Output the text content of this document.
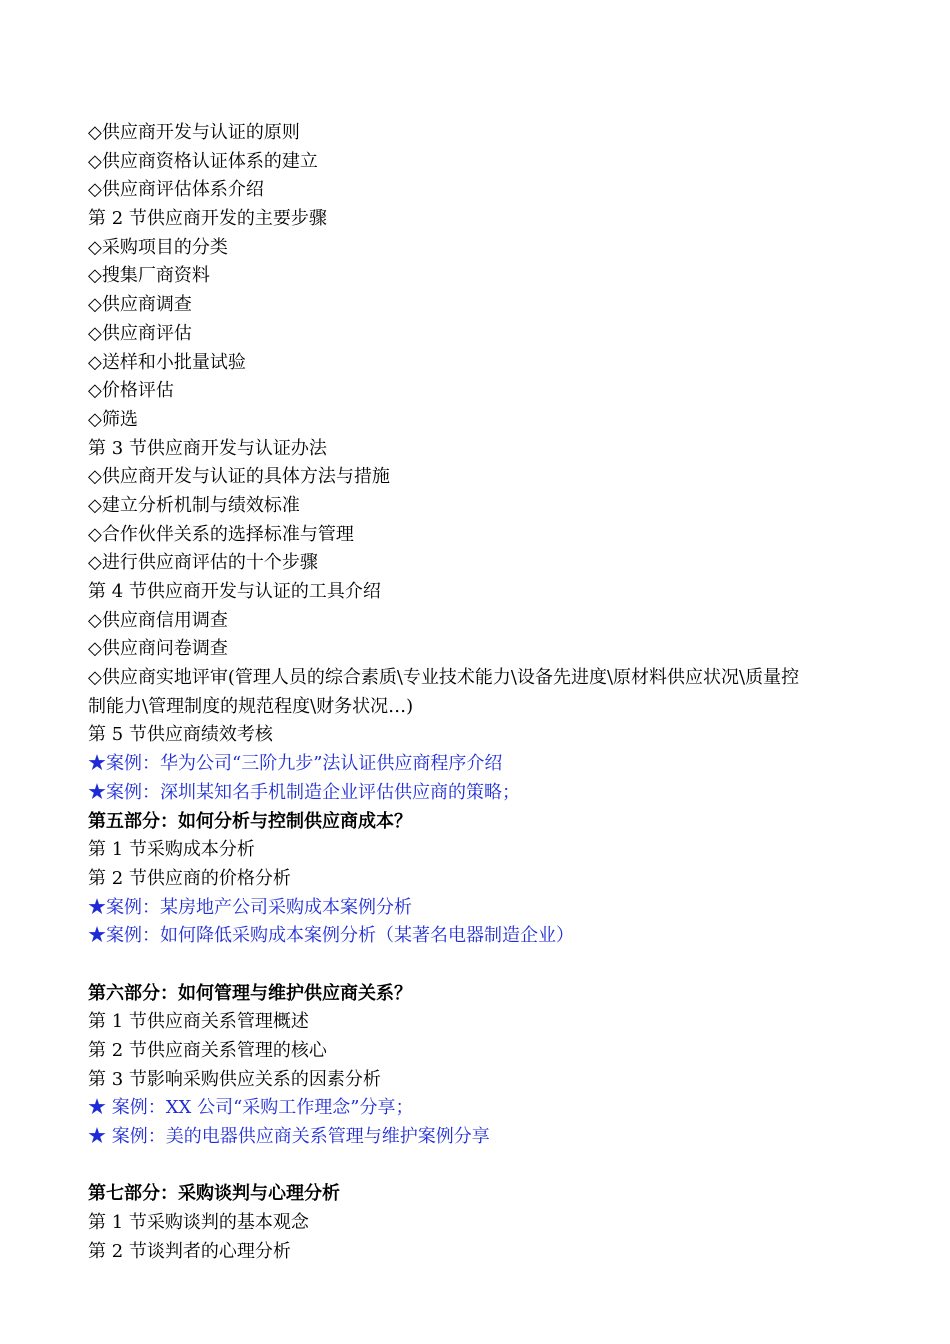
◇供应商开发与认证的原则
◇供应商资格认证体系的建立
◇供应商评估体系介绍
第 2 节供应商开发的主要步骤
◇采购项目的分类
◇搜集厂商资料
◇供应商调查
◇供应商评估
◇送样和小批量试验
◇价格评估
◇筛选
第 3 节供应商开发与认证办法
◇供应商开发与认证的具体方法与措施
◇建立分析机制与绩效标准
◇合作伙伴关系的选择标准与管理
◇进行供应商评估的十个步骤
第 4 节供应商开发与认证的工具介绍
◇供应商信用调查
◇供应商问卷调查
◇供应商实地评审(管理人员的综合素质\专业技术能力\设备先进度\原材料供应状况\质量控
制能力\管理制度的规范程度\财务状况…)
第 5 节供应商绩效考核
★案例：华为公司“三阶九步”法认证供应商程序介绍
★案例：深圳某知名手机制造企业评估供应商的策略；
第五部分：如何分析与控制供应商成本？
第 1 节采购成本分析
第 2 节供应商的价格分析
★案例：某房地产公司采购成本案例分析
★案例：如何降低采购成本案例分析（某著名电器制造企业）
第六部分：如何管理与维护供应商关系？
第 1 节供应商关系管理概述
第 2 节供应商关系管理的核心
第 3 节影响采购供应关系的因素分析
★ 案例：XX 公司“采购工作理念”分享；
★ 案例：美的电器供应商关系管理与维护案例分享
第七部分：采购谈判与心理分析
第 1 节采购谈判的基本观念
第 2 节谈判者的心理分析
